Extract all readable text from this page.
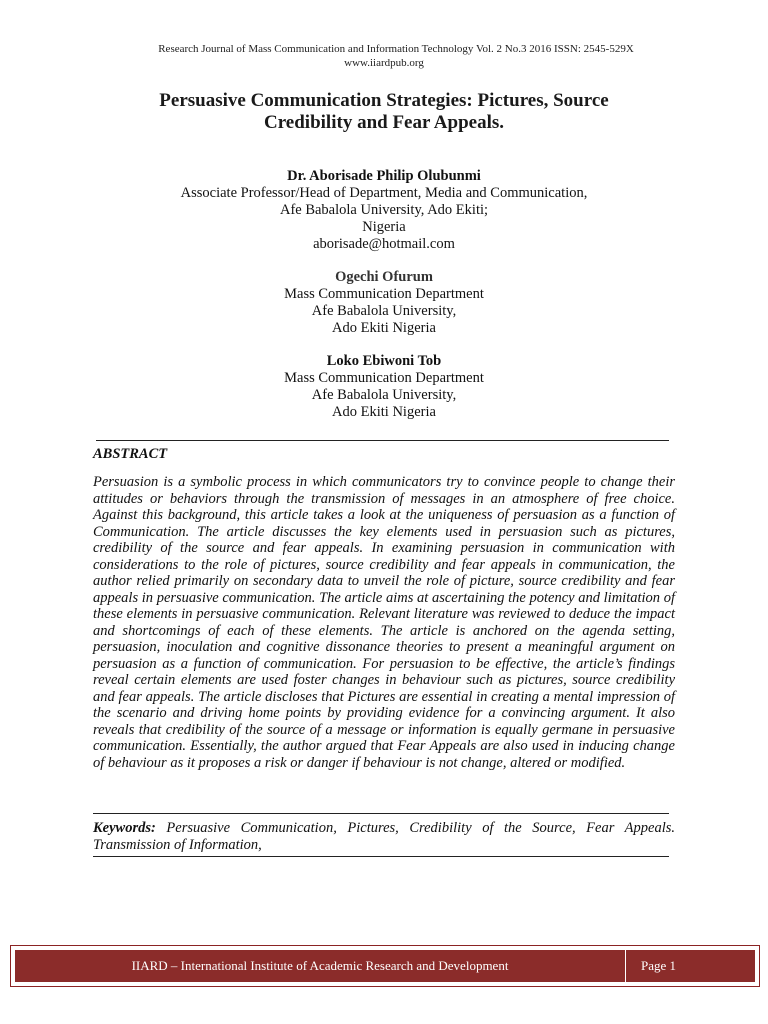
Research Journal of Mass Communication and Information Technology Vol. 2 No.3 2016 ISSN: 2545-529X
www.iiardpub.org
Persuasive Communication Strategies: Pictures, Source
Credibility and Fear Appeals.
Dr. Aborisade Philip Olubunmi
Associate Professor/Head of Department, Media and Communication,
Afe Babalola University, Ado Ekiti;
Nigeria
aborisade@hotmail.com
Ogechi Ofurum
Mass Communication Department
Afe Babalola University,
Ado Ekiti Nigeria
Loko Ebiwoni Tob
Mass Communication Department
Afe Babalola University,
Ado Ekiti Nigeria
ABSTRACT
Persuasion is a symbolic process in which communicators try to convince people to change their attitudes or behaviors through the transmission of messages in an atmosphere of free choice. Against this background, this article takes a look at the uniqueness of persuasion as a function of Communication. The article discusses the key elements used in persuasion such as pictures, credibility of the source and fear appeals. In examining persuasion in communication with considerations to the role of pictures, source credibility and fear appeals in communication, the author relied primarily on secondary data to unveil the role of picture, source credibility and fear appeals in persuasive communication. The article aims at ascertaining the potency and limitation of these elements in persuasive communication. Relevant literature was reviewed to deduce the impact and shortcomings of each of these elements. The article is anchored on the agenda setting, persuasion, inoculation and cognitive dissonance theories to present a meaningful argument on persuasion as a function of communication. For persuasion to be effective, the article’s findings reveal certain elements are used foster changes in behaviour such as pictures, source credibility and fear appeals. The article discloses that Pictures are essential in creating a mental impression of the scenario and driving home points by providing evidence for a convincing argument. It also reveals that credibility of the source of a message or information is equally germane in persuasive communication. Essentially, the author argued that Fear Appeals are also used in inducing change of behaviour as it proposes a risk or danger if behaviour is not change, altered or modified.
Keywords: Persuasive Communication, Pictures, Credibility of the Source, Fear Appeals. Transmission of Information,
IIARD – International Institute of Academic Research and Development	Page 1
